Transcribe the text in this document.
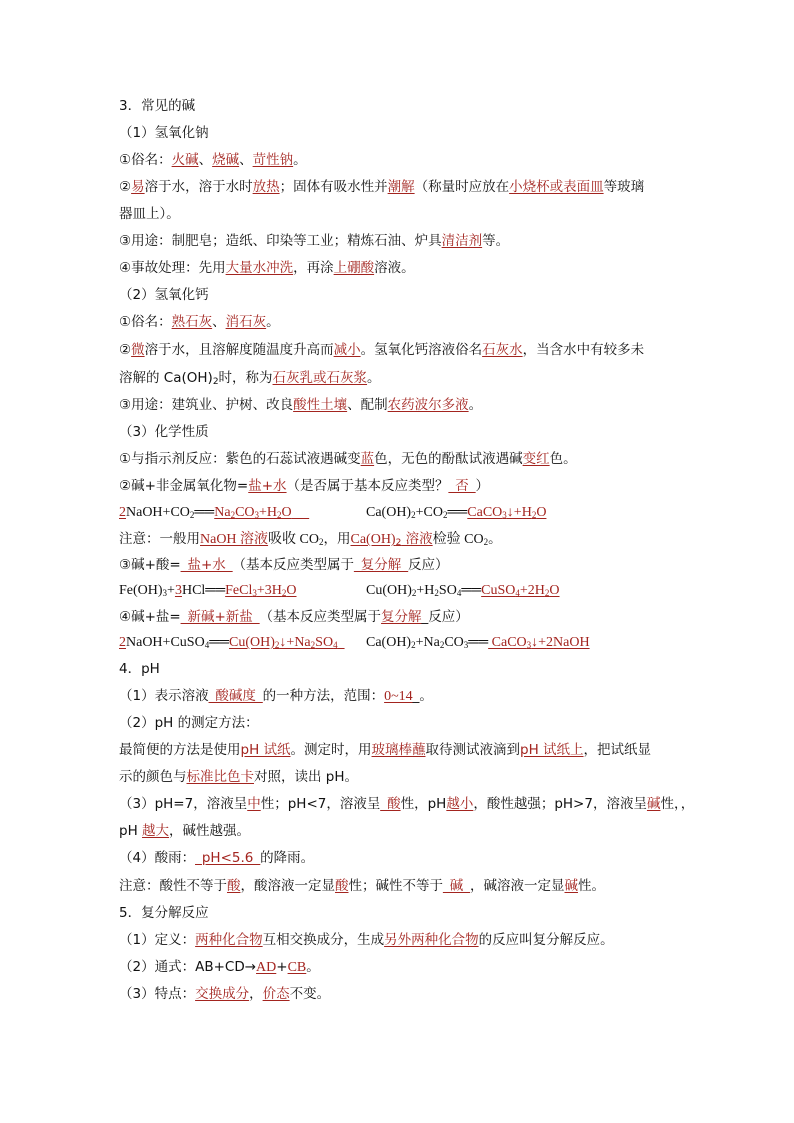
3．常见的碱
（1）氢氧化钠
①俗名：火碱、烧碱、苛性钠。
②易溶于水，溶于水时放热；固体有吸水性并潮解（称量时应放在小烧杯或表面皿等玻璃
器皿上）。
③用途：制肥皂；造纸、印染等工业；精炼石油、炉具清洁剂等。
④事故处理：先用大量水冲洗，再涂上硼酸溶液。
（2）氢氧化钙
①俗名：熟石灰、消石灰。
②微溶于水，且溶解度随温度升高而减小。氢氧化钙溶液俗名石灰水，当含水中有较多未
溶解的 $Ca(OH)_2$时，称为石灰乳或石灰浆。
③用途：建筑业、护树、改良酸性土壤、配制农药波尔多液。
（3）化学性质
①与指示剂反应：紫色的石蕊试液遇碱变蓝色，无色的酚酞试液遇碱变红色。
②碱+非金属氧化物=盐+水（是否属于基本反应类型？_否_）
$2NaOH+CO_2══Na_2CO_3+H_2O$	$Ca(OH)_2+CO_2══CaCO_3↓+H_2O$
注意：一般用NaOH 溶液吸收 $CO_2$，用$Ca(OH)_2$ 溶液检验 $CO_2$。
③碱+酸=_盐+水_（基本反应类型属于_复分解_反应）
$Fe(OH)_3+3HCl══FeCl_3+3H_2O$	$Cu(OH)_2+H_2SO_4══CuSO_4+2H_2O$
④碱+盐=_新碱+新盐_（基本反应类型属于复分解_反应）
$2NaOH+CuSO_4══Cu(OH)_2↓+Na_2SO_4$	$Ca(OH)_2+Na_2CO_3══$ CaCO$_3$↓+2NaOH
4．pH
（1）表示溶液_酸碱度_的一种方法，范围：0~14_。
（2）pH 的测定方法：
最简便的方法是使用pH 试纸。测定时，用玻璃棒蘸取待测试液滴到pH 试纸上，把试纸显
示的颜色与标准比色卡对照，读出 pH。
（3）pH=7，溶液呈中性；pH<7，溶液呈_酸性，pH越小，酸性越强；pH>7，溶液呈碱性，，
pH 越大，碱性越强。
（4）酸雨：_pH<5.6_的降雨。
注意：酸性不等于酸，酸溶液一定显酸性；碱性不等于_碱_，碱溶液一定显碱性。
5．复分解反应
（1）定义：两种化合物互相交换成分，生成另外两种化合物的反应叫复分解反应。
（2）通式：AB+CD→AD+CB。
（3）特点：交换成分，价态不变。
